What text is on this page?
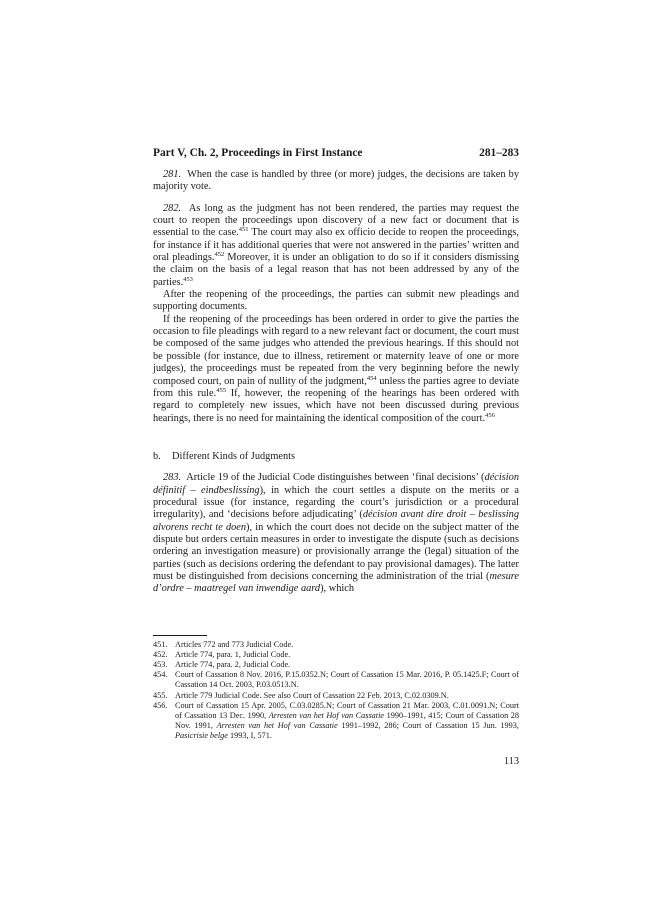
Part V, Ch. 2, Proceedings in First Instance	281–283

281. When the case is handled by three (or more) judges, the decisions are taken by majority vote.

282. As long as the judgment has not been rendered, the parties may request the court to reopen the proceedings upon discovery of a new fact or document that is essential to the case.$^{451}$ The court may also ex officio decide to reopen the proceedings, for instance if it has additional queries that were not answered in the parties’ written and oral pleadings.$^{452}$ Moreover, it is under an obligation to do so if it considers dismissing the claim on the basis of a legal reason that has not been addressed by any of the parties.$^{453}$

After the reopening of the proceedings, the parties can submit new pleadings and supporting documents.

If the reopening of the proceedings has been ordered in order to give the parties the occasion to file pleadings with regard to a new relevant fact or document, the court must be composed of the same judges who attended the previous hearings. If this should not be possible (for instance, due to illness, retirement or maternity leave of one or more judges), the proceedings must be repeated from the very beginning before the newly composed court, on pain of nullity of the judgment,$^{454}$ unless the parties agree to deviate from this rule.$^{455}$ If, however, the reopening of the hearings has been ordered with regard to completely new issues, which have not been discussed during previous hearings, there is no need for maintaining the identical composition of the court.$^{456}$

b. Different Kinds of Judgments

283. Article 19 of the Judicial Code distinguishes between ‘final decisions’ (décision définitif – eindbeslissing), in which the court settles a dispute on the merits or a procedural issue (for instance, regarding the court’s jurisdiction or a procedural irregularity), and ‘decisions before adjudicating’ (décision avant dire droit – beslissing alvorens recht te doen), in which the court does not decide on the subject matter of the dispute but orders certain measures in order to investigate the dispute (such as decisions ordering an investigation measure) or provisionally arrange the (legal) situation of the parties (such as decisions ordering the defendant to pay provisional damages). The latter must be distinguished from decisions concerning the administration of the trial (mesure d’ordre – maatregel van inwendige aard), which

451. Articles 772 and 773 Judicial Code.
452. Article 774, para. 1, Judicial Code.
453. Article 774, para. 2, Judicial Code.
454. Court of Cassation 8 Nov. 2016, P.15.0352.N; Court of Cassation 15 Mar. 2016, P. 05.1425.F; Court of Cassation 14 Oct. 2003, P.03.0513.N.
455. Article 779 Judicial Code. See also Court of Cassation 22 Feb. 2013, C.02.0309.N.
456. Court of Cassation 15 Apr. 2005, C.03.0285.N; Court of Cassation 21 Mar. 2003, C.01.0091.N; Court of Cassation 13 Dec. 1990, Arresten van het Hof van Cassatie 1990–1991, 415; Court of Cassation 28 Nov. 1991, Arresten van het Hof van Cassatie 1991–1992, 286; Court of Cassation 15 Jun. 1993, Pasicrisie belge 1993, I, 571.
113
